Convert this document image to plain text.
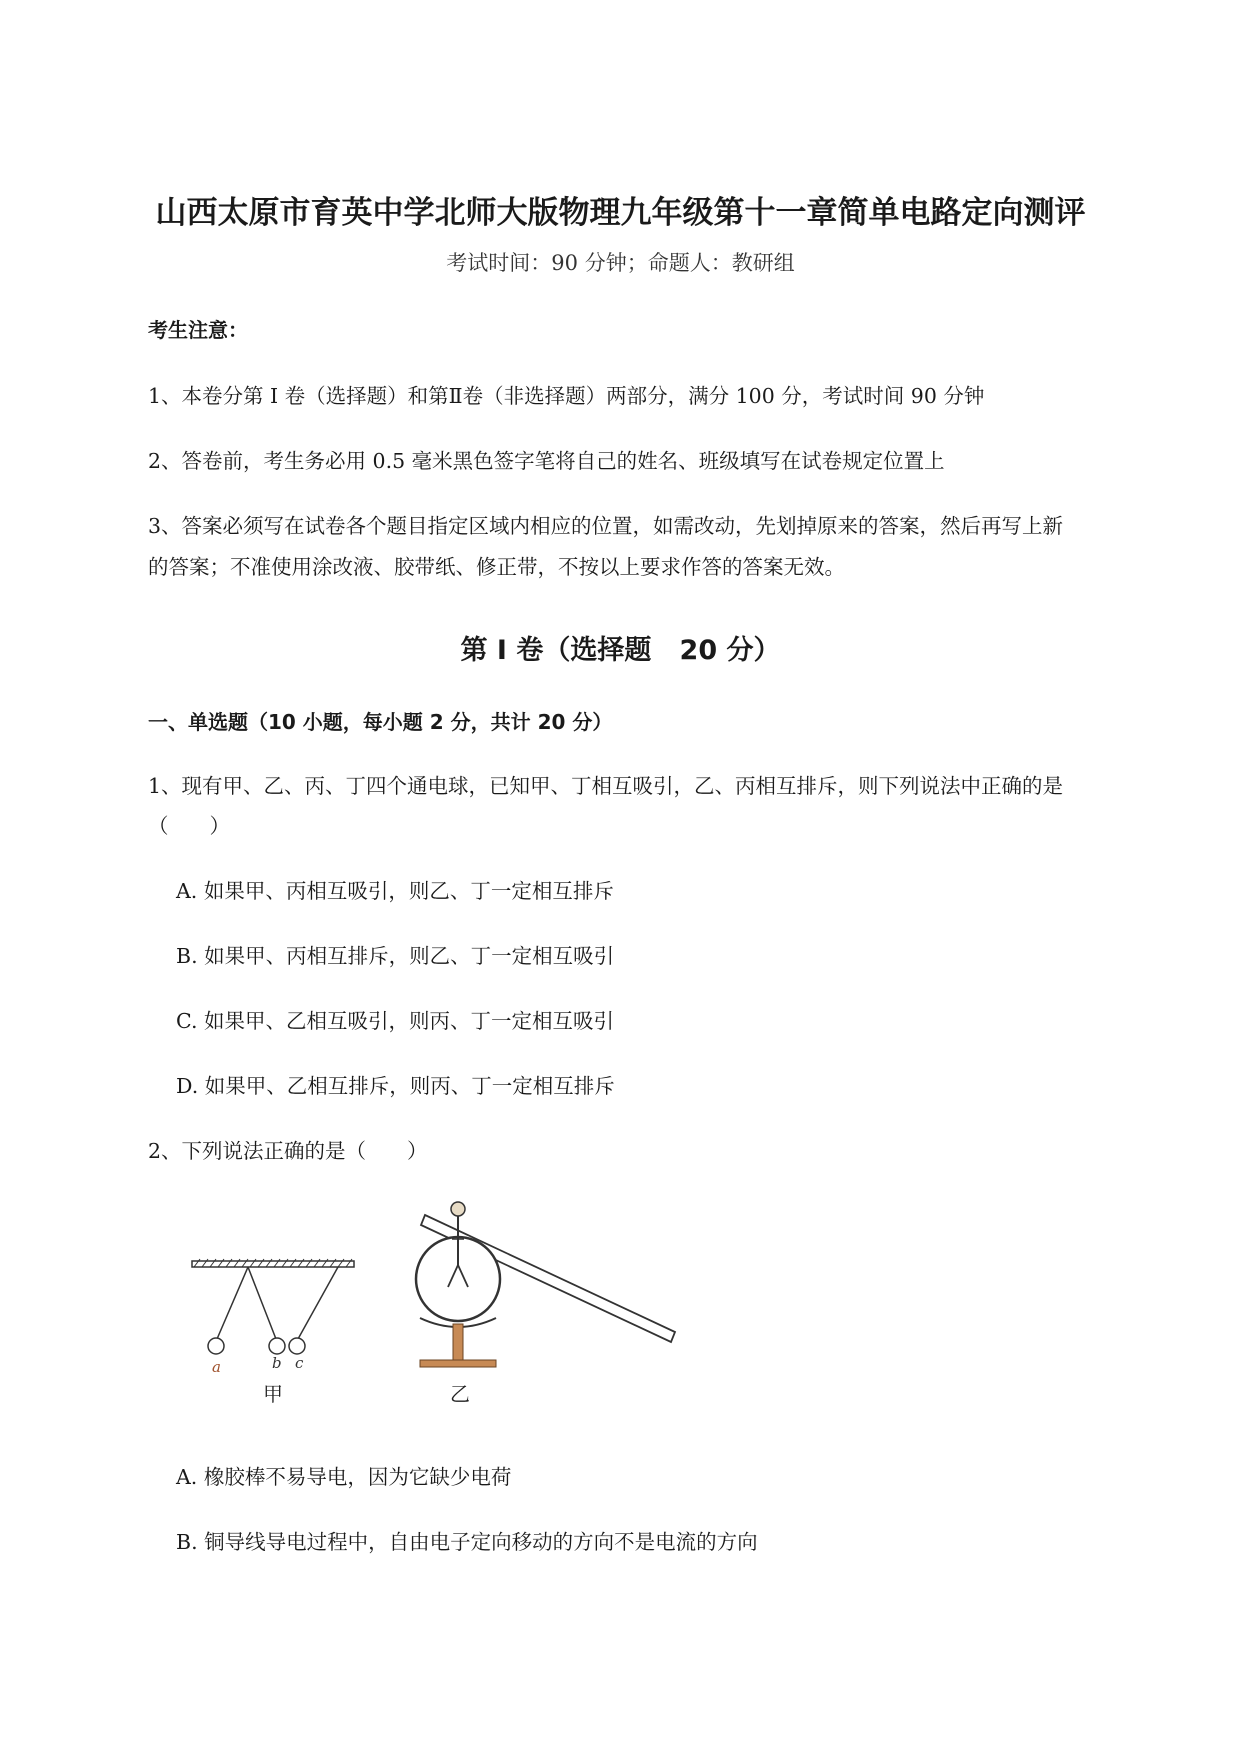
山西太原市育英中学北师大版物理九年级第十一章简单电路定向测评
考试时间：90 分钟；命题人：教研组
考生注意：
1、本卷分第 I 卷（选择题）和第Ⅱ卷（非选择题）两部分，满分 100 分，考试时间 90 分钟
2、答卷前，考生务必用 0.5 毫米黑色签字笔将自己的姓名、班级填写在试卷规定位置上
3、答案必须写在试卷各个题目指定区域内相应的位置，如需改动，先划掉原来的答案，然后再写上新
的答案；不准使用涂改液、胶带纸、修正带，不按以上要求作答的答案无效。
第 I 卷（选择题   20 分）
一、单选题（10 小题，每小题 2 分，共计 20 分）
1、现有甲、乙、丙、丁四个通电球，已知甲、丁相互吸引，乙、丙相互排斥，则下列说法中正确的是
（　　）
A. 如果甲、丙相互吸引，则乙、丁一定相互排斥
B. 如果甲、丙相互排斥，则乙、丁一定相互吸引
C. 如果甲、乙相互吸引，则丙、丁一定相互吸引
D. 如果甲、乙相互排斥，则丙、丁一定相互排斥
2、下列说法正确的是（　　）
a	b c
甲	乙
A. 橡胶棒不易导电，因为它缺少电荷
B. 铜导线导电过程中，自由电子定向移动的方向不是电流的方向
